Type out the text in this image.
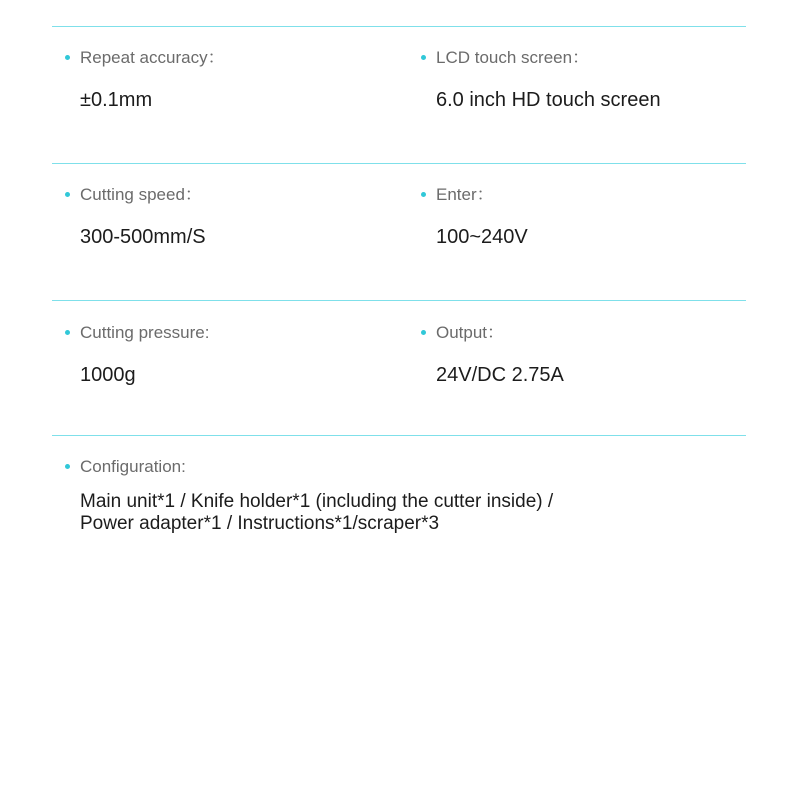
Repeat accuracy：
±0.1mm
LCD touch screen：
6.0 inch HD touch screen
Cutting speed：
300-500mm/S
Enter：
100~240V
Cutting pressure:
1000g
Output：
24V/DC 2.75A
Configuration:
Main unit*1 / Knife holder*1 (including the cutter inside) /
Power adapter*1 / Instructions*1/scraper*3
